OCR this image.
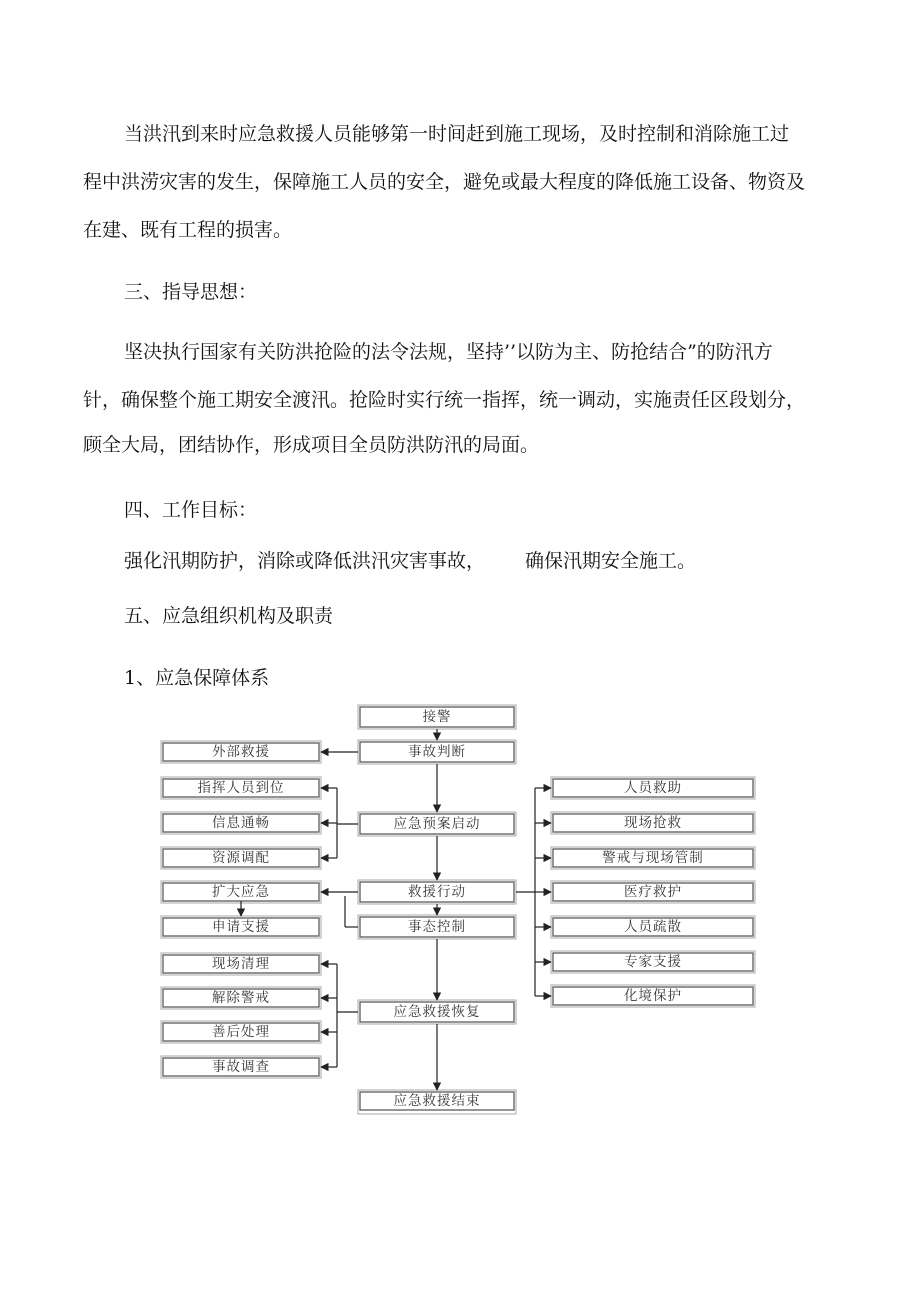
当洪汛到来时应急救援人员能够第一时间赶到施工现场，及时控制和消除施工过
程中洪涝灾害的发生，保障施工人员的安全，避免或最大程度的降低施工设备、物资及
在建、既有工程的损害。
三、指导思想：
坚决执行国家有关防洪抢险的法令法规，坚持’’以防为主、防抢结合”的防汛方
针，确保整个施工期安全渡汛。抢险时实行统一指挥，统一调动，实施责任区段划分，
顾全大局，团结协作，形成项目全员防洪防汛的局面。
四、工作目标：
强化汛期防护，消除或降低洪汛灾害事故， 确保汛期安全施工。
五、应急组织机构及职责
1、应急保障体系
接警
事故判断
应急预案启动
救援行动
事态控制
应急救援恢复
应急救援结束
外部救援
指挥人员到位
信息通畅
资源调配
扩大应急
申请支援
现场清理
解除警戒
善后处理
事故调查
人员救助
现场抢救
警戒与现场管制
医疗救护
人员疏散
专家支援
化境保护
